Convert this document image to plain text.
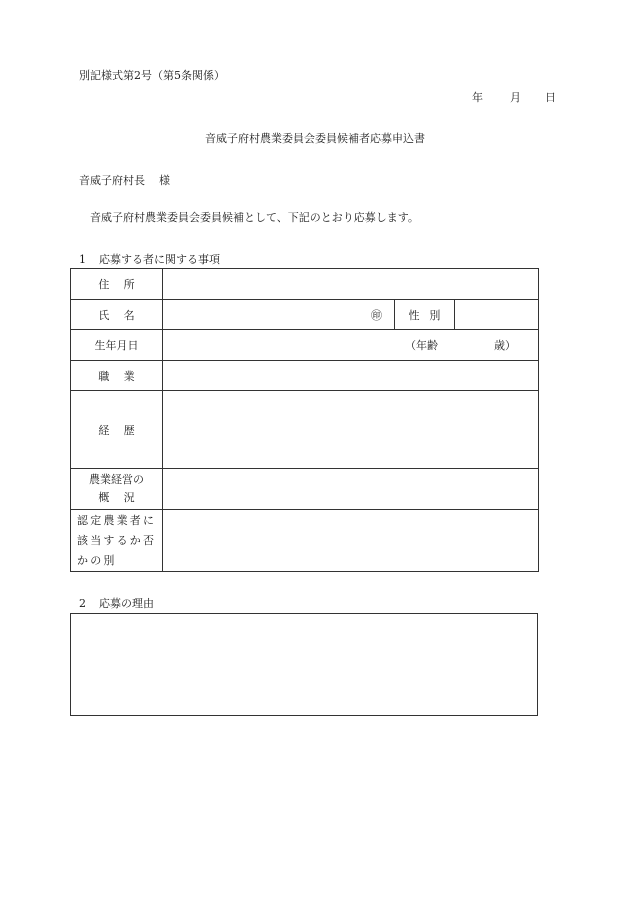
別記様式第2号（第5条関係）
年 月 日
音威子府村農業委員会委員候補者応募申込書
音威子府村長 様
音威子府村農業委員会委員候補として、下記のとおり応募します。
1 応募する者に関する事項
住所			
氏名	㊞	性別	
生年月日	（年齢 歳）		
職業			
経歴			

農業経営の
概況			

認定農業者に
該当するか否
かの別			

2 応募の理由
